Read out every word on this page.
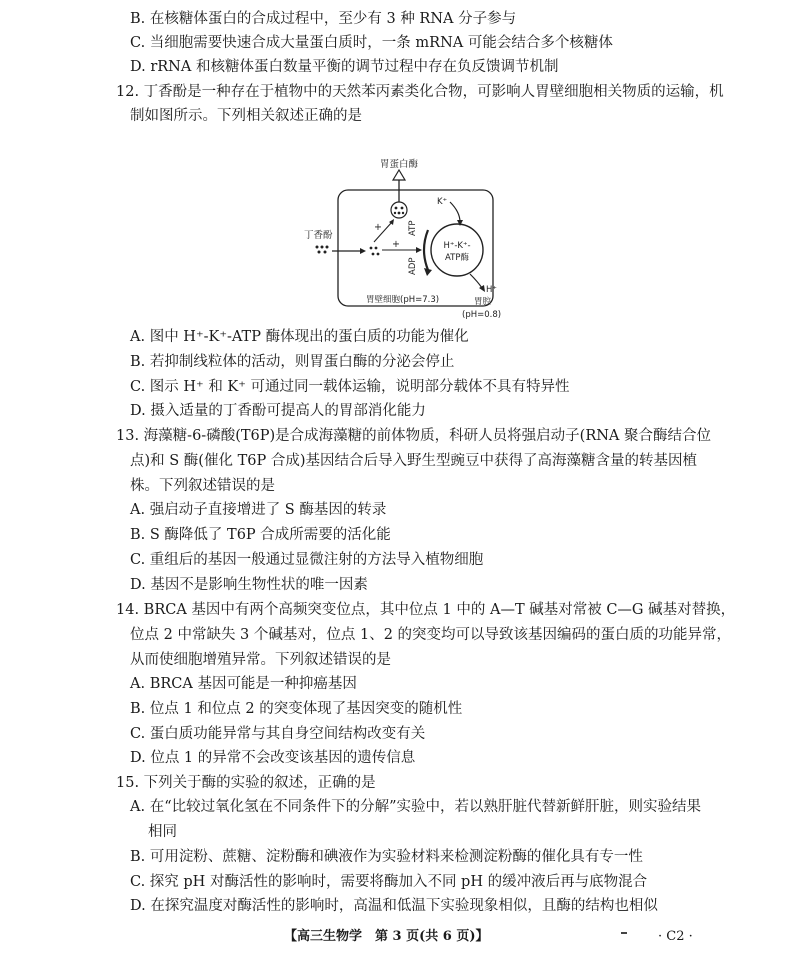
B. 在核糖体蛋白的合成过程中，至少有 3 种 RNA 分子参与
C. 当细胞需要快速合成大量蛋白质时，一条 mRNA 可能会结合多个核糖体
D. rRNA 和核糖体蛋白数量平衡的调节过程中存在负反馈调节机制
12. 丁香酚是一种存在于植物中的天然苯丙素类化合物，可影响人胃壁细胞相关物质的运输，机
制如图所示。下列相关叙述正确的是
胃蛋白酶
丁香酚
+
+
ATP
ADP
H⁺-K⁺-
ATP酶
K⁺
H⁺
胃壁细胞(pH=7.3)	胃腔
(pH=0.8)
A. 图中 H⁺-K⁺-ATP 酶体现出的蛋白质的功能为催化
B. 若抑制线粒体的活动，则胃蛋白酶的分泌会停止
C. 图示 H⁺ 和 K⁺ 可通过同一载体运输，说明部分载体不具有特异性
D. 摄入适量的丁香酚可提高人的胃部消化能力
13. 海藻糖-6-磷酸(T6P)是合成海藻糖的前体物质，科研人员将强启动子(RNA 聚合酶结合位
点)和 S 酶(催化 T6P 合成)基因结合后导入野生型豌豆中获得了高海藻糖含量的转基因植
株。下列叙述错误的是
A. 强启动子直接增进了 S 酶基因的转录
B. S 酶降低了 T6P 合成所需要的活化能
C. 重组后的基因一般通过显微注射的方法导入植物细胞
D. 基因不是影响生物性状的唯一因素
14. BRCA 基因中有两个高频突变位点，其中位点 1 中的 A—T 碱基对常被 C—G 碱基对替换，
位点 2 中常缺失 3 个碱基对，位点 1、2 的突变均可以导致该基因编码的蛋白质的功能异常，
从而使细胞增殖异常。下列叙述错误的是
A. BRCA 基因可能是一种抑癌基因
B. 位点 1 和位点 2 的突变体现了基因突变的随机性
C. 蛋白质功能异常与其自身空间结构改变有关
D. 位点 1 的异常不会改变该基因的遗传信息
15. 下列关于酶的实验的叙述，正确的是
A. 在“比较过氧化氢在不同条件下的分解”实验中，若以熟肝脏代替新鲜肝脏，则实验结果
相同
B. 可用淀粉、蔗糖、淀粉酶和碘液作为实验材料来检测淀粉酶的催化具有专一性
C. 探究 pH 对酶活性的影响时，需要将酶加入不同 pH 的缓冲液后再与底物混合
D. 在探究温度对酶活性的影响时，高温和低温下实验现象相似，且酶的结构也相似
【高三生物学　第 3 页(共 6 页)】	· C2 ·
